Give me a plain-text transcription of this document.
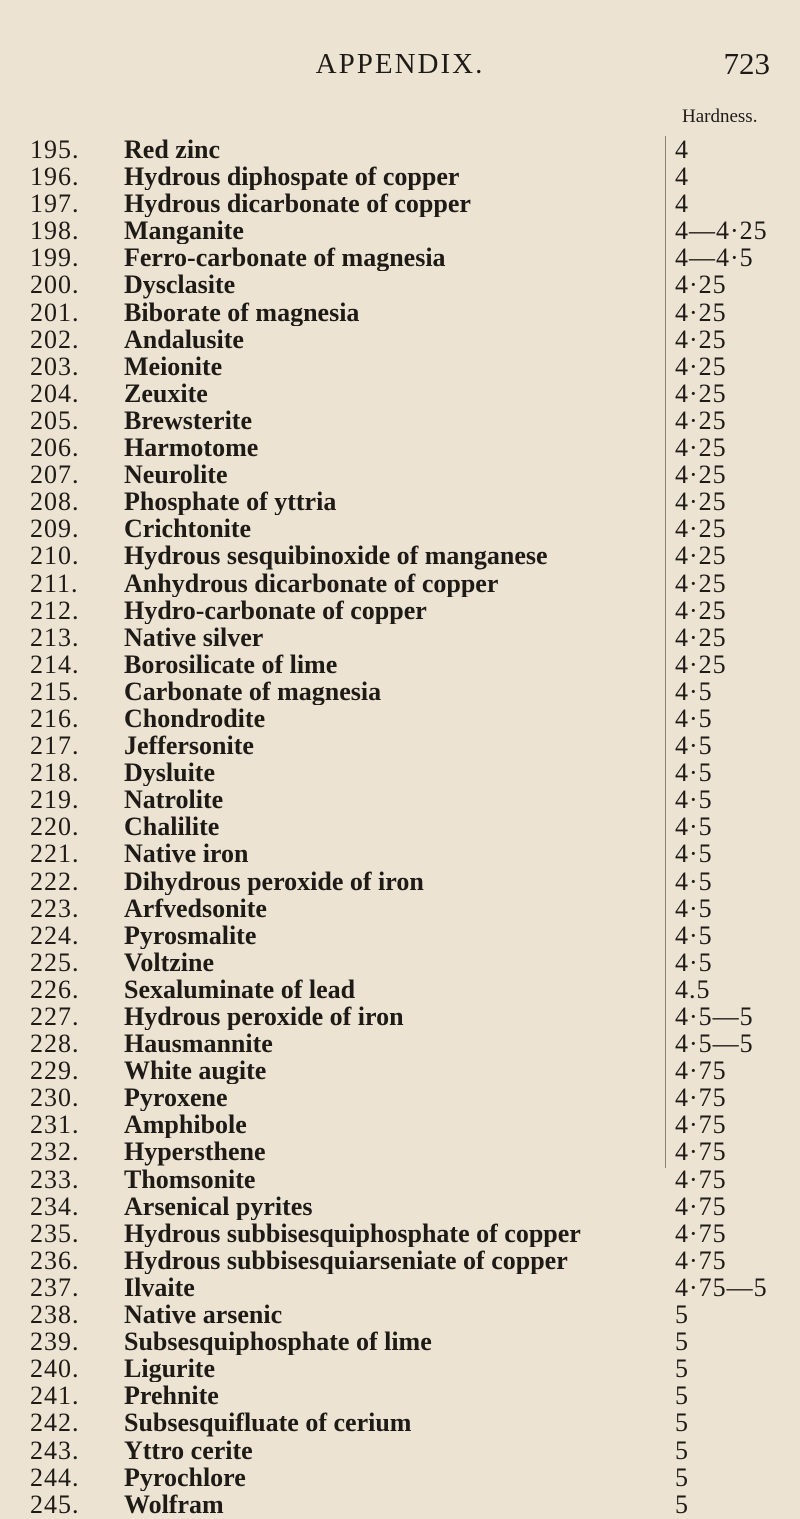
APPENDIX.	723
Hardness.
195.	Red zinc	4
196.	Hydrous diphospate of copper	4
197.	Hydrous dicarbonate of copper	4
198.	Manganite	4—4·25
199.	Ferro-carbonate of magnesia	4—4·5
200.	Dysclasite	4·25
201.	Biborate of magnesia	4·25
202.	Andalusite	4·25
203.	Meionite	4·25
204.	Zeuxite	4·25
205.	Brewsterite	4·25
206.	Harmotome	4·25
207.	Neurolite	4·25
208.	Phosphate of yttria	4·25
209.	Crichtonite	4·25
210.	Hydrous sesquibinoxide of manganese	4·25
211.	Anhydrous dicarbonate of copper	4·25
212.	Hydro-carbonate of copper	4·25
213.	Native silver	4·25
214.	Borosilicate of lime	4·25
215.	Carbonate of magnesia	4·5
216.	Chondrodite	4·5
217.	Jeffersonite	4·5
218.	Dysluite	4·5
219.	Natrolite	4·5
220.	Chalilite	4·5
221.	Native iron	4·5
222.	Dihydrous peroxide of iron	4·5
223.	Arfvedsonite	4·5
224.	Pyrosmalite	4·5
225.	Voltzine	4·5
226.	Sexaluminate of lead	4.5
227.	Hydrous peroxide of iron	4·5—5
228.	Hausmannite	4·5—5
229.	White augite	4·75
230.	Pyroxene	4·75
231.	Amphibole	4·75
232.	Hypersthene	4·75
233.	Thomsonite	4·75
234.	Arsenical pyrites	4·75
235.	Hydrous subbisesquiphosphate of copper	4·75
236.	Hydrous subbisesquiarseniate of copper	4·75
237.	Ilvaite	4·75—5
238.	Native arsenic	5
239.	Subsesquiphosphate of lime	5
240.	Ligurite	5
241.	Prehnite	5
242.	Subsesquifluate of cerium	5
243.	Yttro cerite	5
244.	Pyrochlore	5
245.	Wolfram	5
